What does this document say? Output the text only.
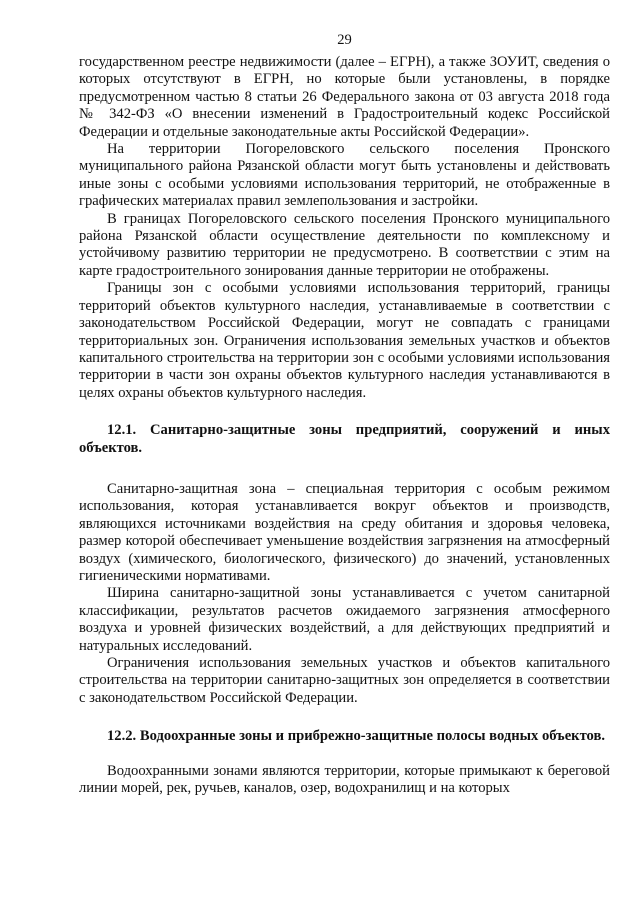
29

государственном реестре недвижимости (далее – ЕГРН), а также ЗОУИТ, сведения о которых отсутствуют в ЕГРН, но которые были установлены, в порядке предусмотренном частью 8 статьи 26 Федерального закона от 03 августа 2018 года № 342-ФЗ «О внесении изменений в Градостроительный кодекс Российской Федерации и отдельные законодательные акты Российской Федерации».

На территории Погореловского сельского поселения Пронского муниципального района Рязанской области могут быть установлены и действовать иные зоны с особыми условиями использования территорий, не отображенные в графических материалах правил землепользования и застройки.

В границах Погореловского сельского поселения Пронского муниципального района Рязанской области осуществление деятельности по комплексному и устойчивому развитию территории не предусмотрено. В соответствии с этим на карте градостроительного зонирования данные территории не отображены.

Границы зон с особыми условиями использования территорий, границы территорий объектов культурного наследия, устанавливаемые в соответствии с законодательством Российской Федерации, могут не совпадать с границами территориальных зон. Ограничения использования земельных участков и объектов капитального строительства на территории зон с особыми условиями использования территории в части зон охраны объектов культурного наследия устанавливаются в целях охраны объектов культурного наследия.

12.1. Санитарно-защитные зоны предприятий, сооружений и иных объектов.

Санитарно-защитная зона – специальная территория с особым режимом использования, которая устанавливается вокруг объектов и производств, являющихся источниками воздействия на среду обитания и здоровья человека, размер которой обеспечивает уменьшение воздействия загрязнения на атмосферный воздух (химического, биологического, физического) до значений, установленных гигиеническими нормативами.

Ширина санитарно-защитной зоны устанавливается с учетом санитарной классификации, результатов расчетов ожидаемого загрязнения атмосферного воздуха и уровней физических воздействий, а для действующих предприятий и натуральных исследований.

Ограничения использования земельных участков и объектов капитального строительства на территории санитарно-защитных зон определяется в соответствии с законодательством Российской Федерации.

12.2. Водоохранные зоны и прибрежно-защитные полосы водных объектов.

Водоохранными зонами являются территории, которые примыкают к береговой линии морей, рек, ручьев, каналов, озер, водохранилищ и на которых
